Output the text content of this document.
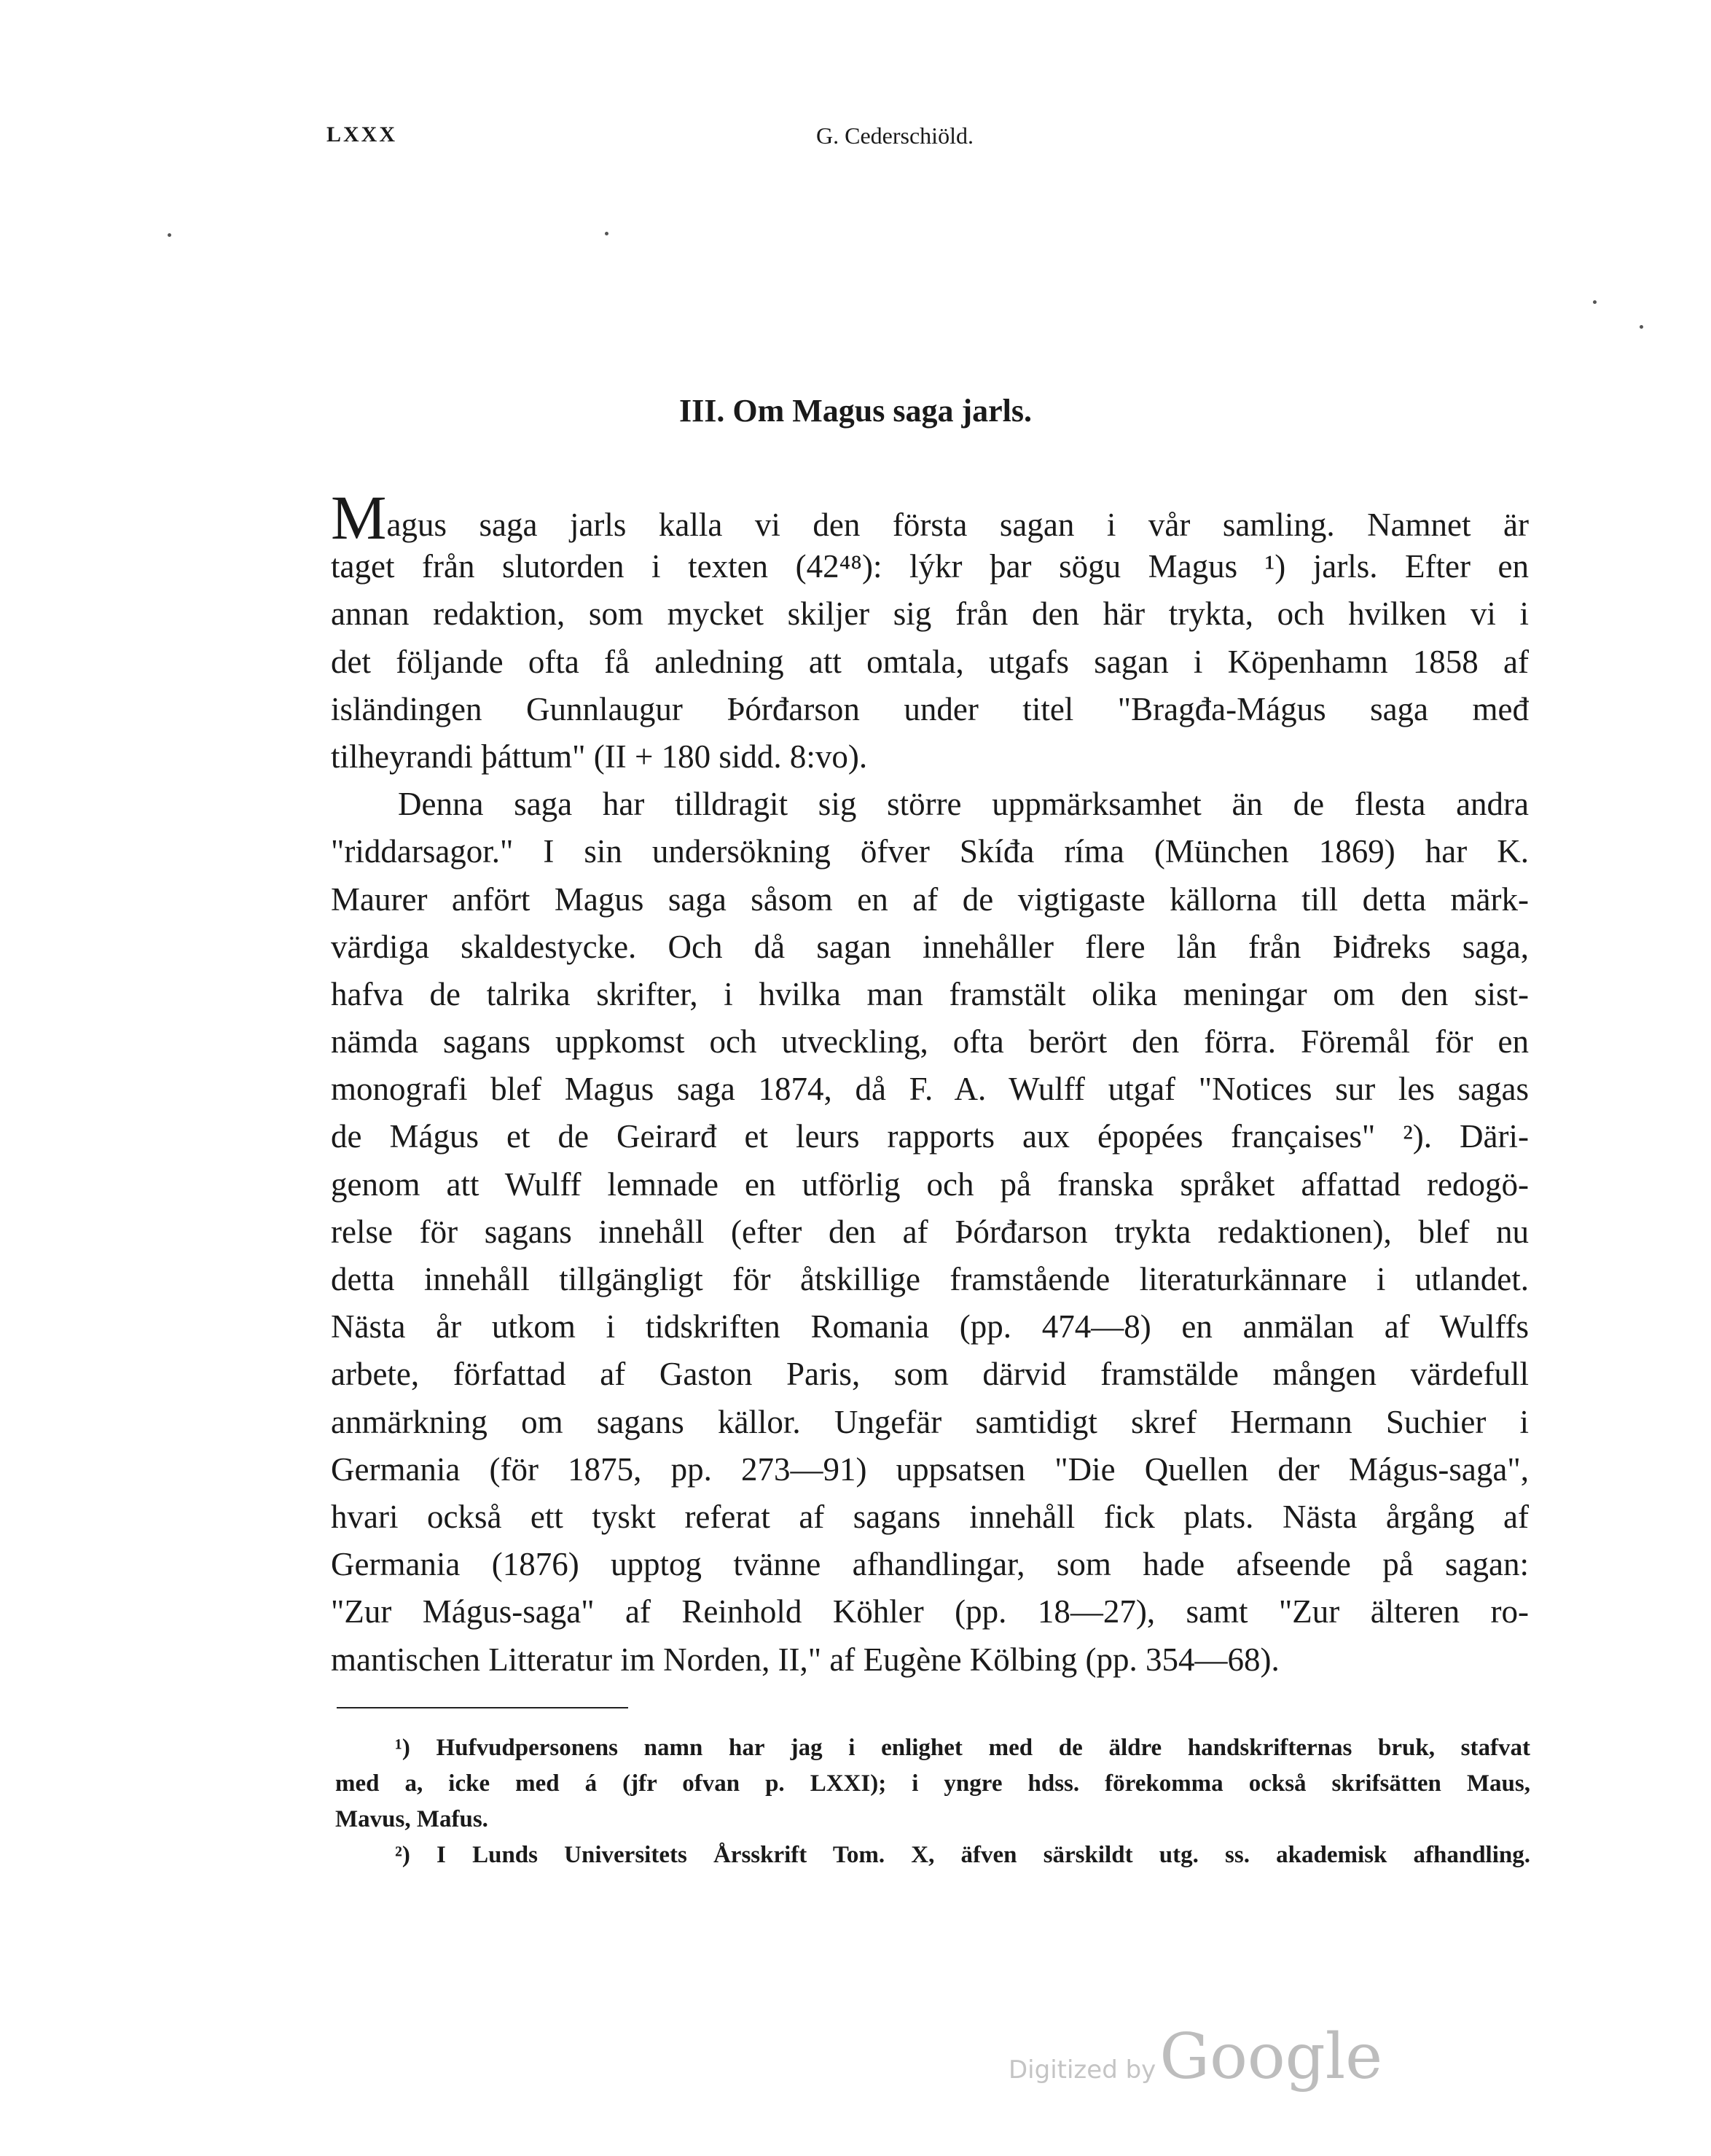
LXXX	G. Cederschiöld.
III. Om Magus saga jarls.
Magus saga jarls kalla vi den första sagan i vår samling. Namnet är
taget från slutorden i texten (42⁴⁸): lýkr þar sögu Magus ¹) jarls. Efter en
annan redaktion, som mycket skiljer sig från den här trykta, och hvilken vi i
det följande ofta få anledning att omtala, utgafs sagan i Köpenhamn 1858 af
isländingen Gunnlaugur Þórđarson under titel "Bragđa-Mágus saga međ
tilheyrandi þáttum" (II + 180 sidd. 8:vo).
Denna saga har tilldragit sig större uppmärksamhet än de flesta andra
"riddarsagor." I sin undersökning öfver Skíđa ríma (München 1869) har K.
Maurer anfört Magus saga såsom en af de vigtigaste källorna till detta märk-
värdiga skaldestycke. Och då sagan innehåller flere lån från Þiđreks saga,
hafva de talrika skrifter, i hvilka man framstält olika meningar om den sist-
nämda sagans uppkomst och utveckling, ofta berört den förra. Föremål för en
monografi blef Magus saga 1874, då F. A. Wulff utgaf "Notices sur les sagas
de Mágus et de Geirarđ et leurs rapports aux épopées françaises" ²). Däri-
genom att Wulff lemnade en utförlig och på franska språket affattad redogö-
relse för sagans innehåll (efter den af Þórđarson trykta redaktionen), blef nu
detta innehåll tillgängligt för åtskillige framstående literaturkännare i utlandet.
Nästa år utkom i tidskriften Romania (pp. 474—8) en anmälan af Wulffs
arbete, författad af Gaston Paris, som därvid framstälde mången värdefull
anmärkning om sagans källor. Ungefär samtidigt skref Hermann Suchier i
Germania (för 1875, pp. 273—91) uppsatsen "Die Quellen der Mágus-saga",
hvari också ett tyskt referat af sagans innehåll fick plats. Nästa årgång af
Germania (1876) upptog tvänne afhandlingar, som hade afseende på sagan:
"Zur Mágus-saga" af Reinhold Köhler (pp. 18—27), samt "Zur älteren ro-
mantischen Litteratur im Norden, II," af Eugène Kölbing (pp. 354—68).
¹) Hufvudpersonens namn har jag i enlighet med de äldre handskrifternas bruk, stafvat
med a, icke med á (jfr ofvan p. LXXI); i yngre hdss. förekomma också skrifsätten Maus,
Mavus, Mafus.
²) I Lunds Universitets Årsskrift Tom. X, äfven särskildt utg. ss. akademisk afhandling.
Digitized by Google
